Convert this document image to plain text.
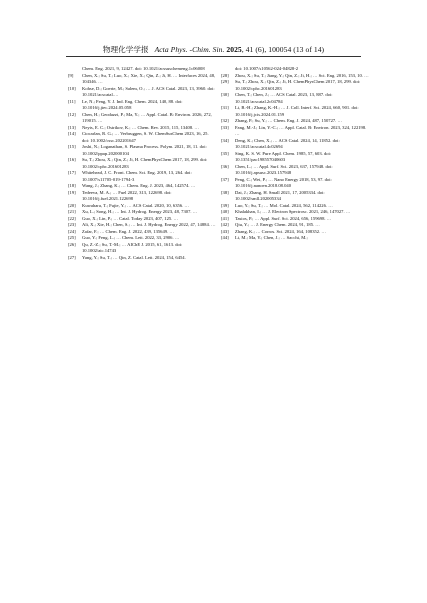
物理化学学报 Acta Phys. -Chim. Sin. 2025, 41 (6), 100054 (13 of 14)
Chem. Eng. 2021, 9, 12427. doi: 10.1021/acssuschemeng.1c06008
[9]	Chen, X.; Su, T.; Luo, X.; Xie, X.; Qin, Z.; Ji, H. … Interfaces 2024, 48, 104346. …
[10]	Kohse, D.; Goerie, M.; Salem, O.; … J. ACS Catal. 2023, 13, 3960. doi: 10.1021/acscatal.…
[11]	Le, N.; Feng, Y. J. Ind. Eng. Chem. 2024, 140, 88. doi: 10.1016/j.jiec.2024.05.058
[12]	Chen, H.; Geodazzi, P.; Ma, Y.; … Appl. Catal. B: Environ. 2026, 272, 119015. …
[13]	Neyts, E. C.; Ostrikov, K.; … Chem. Rev. 2015, 115, 13408. …
[14]	Ciocarlan, R. G.; … Verbruggen, S. W. ChemSusChem 2023, 16, 25. doi: 10.1002/cssc.202201647
[15]	Joshi, N.; Loganathan, S. Plasma Process. Polym. 2021, 18, 11. doi: 10.1002/ppap.202000104
[16]	Su, T.; Zhou, X.; Qin, Z.; Ji, H. ChemPhysChem 2017, 18, 299. doi: 10.1002/cphc.201601283
[17]	Whitehead, J. C. Front. Chem. Sci. Eng. 2019, 13, 264. doi: 10.1007/s11705-019-1794-3
[18]	Wang, J.; Zhang, K.; … Chem. Eng. J. 2023, 464, 142574. …
[19]	Tedeeva, M. A.; … Fuel 2022, 313, 122698. doi: 10.1016/j.fuel.2021.122698
[20]	Kuwahara, T.; Fujie, Y.; … ACS Catal. 2020, 10, 6356. …
[21]	Xu, L.; Song, H.; … Int. J. Hydrog. Energy 2023, 48, 7307. …
[22]	Guo, X.; Lin, P.; … Catal. Today 2023, 407, 125. …
[23]	Ali, X.; Xie, H.; Chen, S.; … Int. J. Hydrog. Energy 2022, 47, 14884. …
[24]	Zafar, F.; … Chem. Eng. J. 2022, 439, 135649. …
[25]	Guo, Y.; Feng, L.; … Chem. Lett. 2022, 33, 2906. …
[26]	Qu, Z.-Z.; Su, T.-M.; … AIChE J. 2015, 61, 1613. doi: 10.1002/aic.14743
[27]	Yang, Y.; Su, T.; … Qin, Z. Catal. Lett. 2024, 154, 6454.
doi: 10.1007/s10562-024-04828-2
[28]	Zhou, X.; Su, T.; Jiang, Y.; Qin, Z.; Ji, H.; … Sci. Eng. 2016, 153, 10. …
[29]	Su, T.; Zhou, X.; Qin, Z.; Ji, H. ChemPhysChem 2017, 18, 299. doi: 10.1002/cphc.201601283
[30]	Chen, T.; Chen, J.; … ACS Catal. 2023, 13, 887. doi: 10.1021/acscatal.2c04784
[31]	Li, B.-H.; Zhang, K.-H.; … J. Coll. Interf. Sci. 2024, 660, 901. doi: 10.1016/j.jcis.2024.01.159
[32]	Zhang, P.; Su, Y.; … Chem. Eng. J. 2024, 487, 150727. …
[33]	Fang, M.-J.; Lin, Y.-C.; … Appl. Catal. B: Environ. 2023, 324, 122198. …
[34]	Deng, K.; Chen, X.; … ACS Catal. 2024, 14, 11852. doi: 10.1021/acscatal.4c02694
[35]	Sing, K. S. W. Pure Appl. Chem. 1985, 57, 603. doi: 10.1351/pac198557040603
[36]	Chen, L.; … Appl. Surf. Sci. 2023, 637, 157948. doi: 10.1016/j.apsusc.2023.157948
[37]	Peng, C.; Wei, P.; … Nano Energy 2018, 53, 97. doi: 10.1016/j.nanoen.2018.08.040
[38]	Dai, J.; Zhang, H. Small 2021, 17, 2005334. doi: 10.1002/smll.202005334
[39]	Luo, Y.; Su, T.; … Mol. Catal. 2024, 562, 114226. …
[40]	Khalakhan, I.; … J. Electron Spectrosc. 2021, 246, 147027. …
[41]	Tasios, P.; … Appl. Surf. Sci. 2024, 656, 159698. …
[42]	Qiu, Y.; … J. Energy Chem. 2024, 91, 185. …
[43]	Zhang, K.; … Corros. Sci. 2024, 164, 108352. …
[44]	Li, M.; Ma, Y.; Chen, J.; … Sacchi, M.;
